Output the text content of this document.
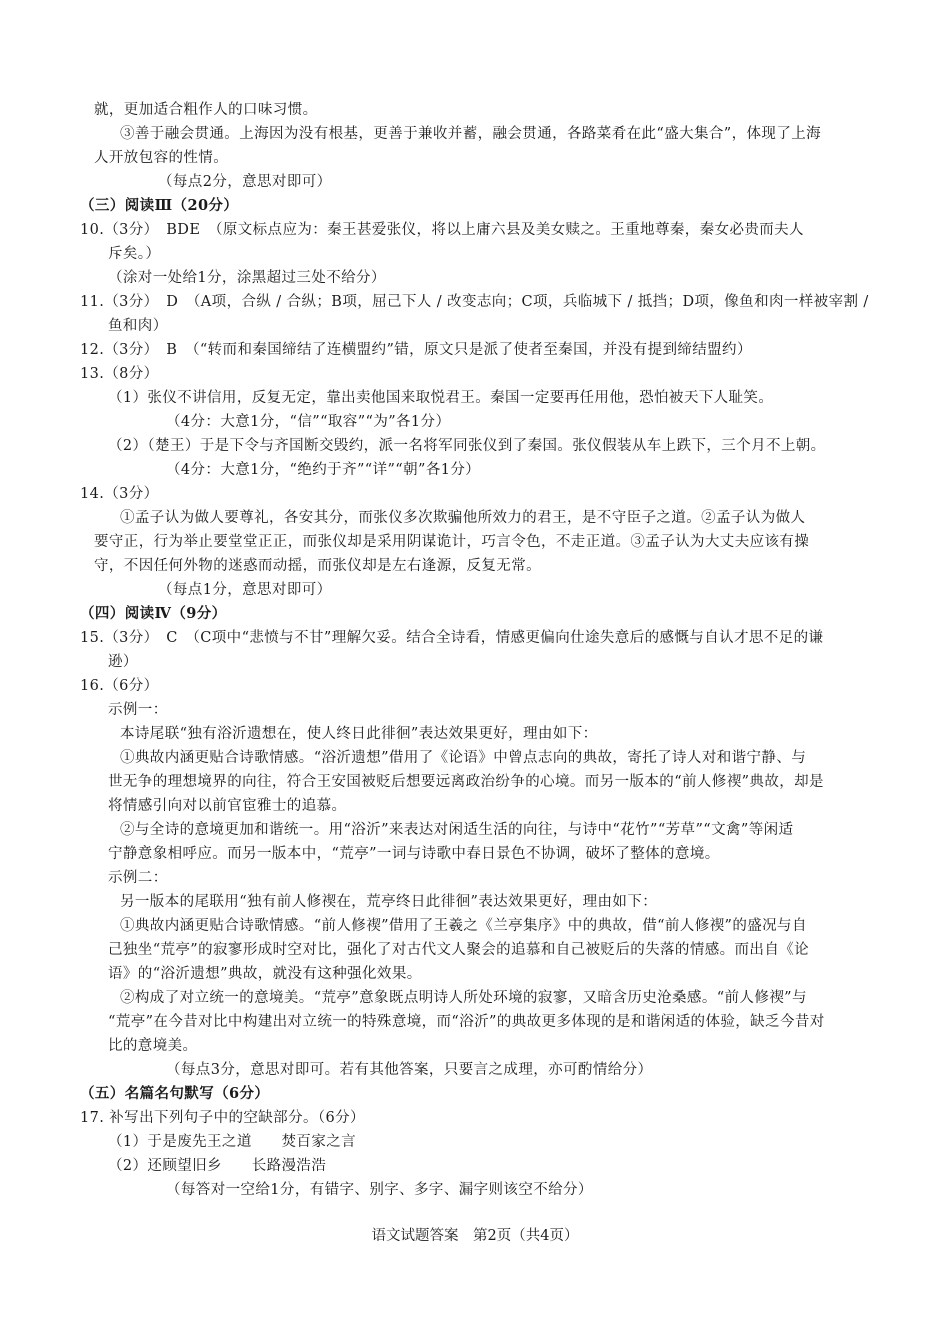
就，更加适合粗作人的口味习惯。
③善于融会贯通。上海因为没有根基，更善于兼收并蓄，融会贯通，各路菜肴在此“盛大集合”，体现了上海
人开放包容的性情。
（每点2分，意思对即可）
（三）阅读Ⅲ（20分）
10.（3分）　BDE　（原文标点应为：秦王甚爱张仪，将以上庸六县及美女赎之。王重地尊秦，秦女必贵而夫人
斥矣。）
（涂对一处给1分，涂黑超过三处不给分）
11.（3分）　D　（A项，合纵 / 合纵；B项，屈己下人 / 改变志向；C项，兵临城下 / 抵挡；D项，像鱼和肉一样被宰割 /
鱼和肉）
12.（3分）　B　（“转而和秦国缔结了连横盟约”错，原文只是派了使者至秦国，并没有提到缔结盟约）
13.（8分）
（1）张仪不讲信用，反复无定，靠出卖他国来取悦君王。秦国一定要再任用他，恐怕被天下人耻笑。
（4分：大意1分，“信”“取容”“为”各1分）
（2）（楚王）于是下令与齐国断交毁约，派一名将军同张仪到了秦国。张仪假装从车上跌下，三个月不上朝。
（4分：大意1分，“绝约于齐”“详”“朝”各1分）
14.（3分）
①孟子认为做人要尊礼，各安其分，而张仪多次欺骗他所效力的君王，是不守臣子之道。②孟子认为做人
要守正，行为举止要堂堂正正，而张仪却是采用阴谋诡计，巧言令色，不走正道。③孟子认为大丈夫应该有操
守，不因任何外物的迷惑而动摇，而张仪却是左右逢源，反复无常。
（每点1分，意思对即可）
（四）阅读Ⅳ（9分）
15.（3分）　C　（C项中“悲愤与不甘”理解欠妥。结合全诗看，情感更偏向仕途失意后的感慨与自认才思不足的谦
逊）
16.（6分）
示例一：
本诗尾联“独有浴沂遗想在，使人终日此徘徊”表达效果更好，理由如下：
①典故内涵更贴合诗歌情感。“浴沂遗想”借用了《论语》中曾点志向的典故，寄托了诗人对和谐宁静、与
世无争的理想境界的向往，符合王安国被贬后想要远离政治纷争的心境。而另一版本的“前人修禊”典故，却是
将情感引向对以前官宦雅士的追慕。
②与全诗的意境更加和谐统一。用“浴沂”来表达对闲适生活的向往，与诗中“花竹”“芳草”“文禽”等闲适
宁静意象相呼应。而另一版本中，“荒亭”一词与诗歌中春日景色不协调，破坏了整体的意境。
示例二：
另一版本的尾联用“独有前人修禊在，荒亭终日此徘徊”表达效果更好，理由如下：
①典故内涵更贴合诗歌情感。“前人修禊”借用了王羲之《兰亭集序》中的典故，借“前人修禊”的盛况与自
己独坐“荒亭”的寂寥形成时空对比，强化了对古代文人聚会的追慕和自己被贬后的失落的情感。而出自《论
语》的“浴沂遗想”典故，就没有这种强化效果。
②构成了对立统一的意境美。“荒亭”意象既点明诗人所处环境的寂寥，又暗含历史沧桑感。“前人修禊”与
“荒亭”在今昔对比中构建出对立统一的特殊意境，而“浴沂”的典故更多体现的是和谐闲适的体验，缺乏今昔对
比的意境美。
（每点3分，意思对即可。若有其他答案，只要言之成理，亦可酌情给分）
（五）名篇名句默写（6分）
17. 补写出下列句子中的空缺部分。（6分）
（1）于是废先王之道　　焚百家之言
（2）还顾望旧乡　　长路漫浩浩
（每答对一空给1分，有错字、别字、多字、漏字则该空不给分）
语文试题答案　第2页（共4页）
